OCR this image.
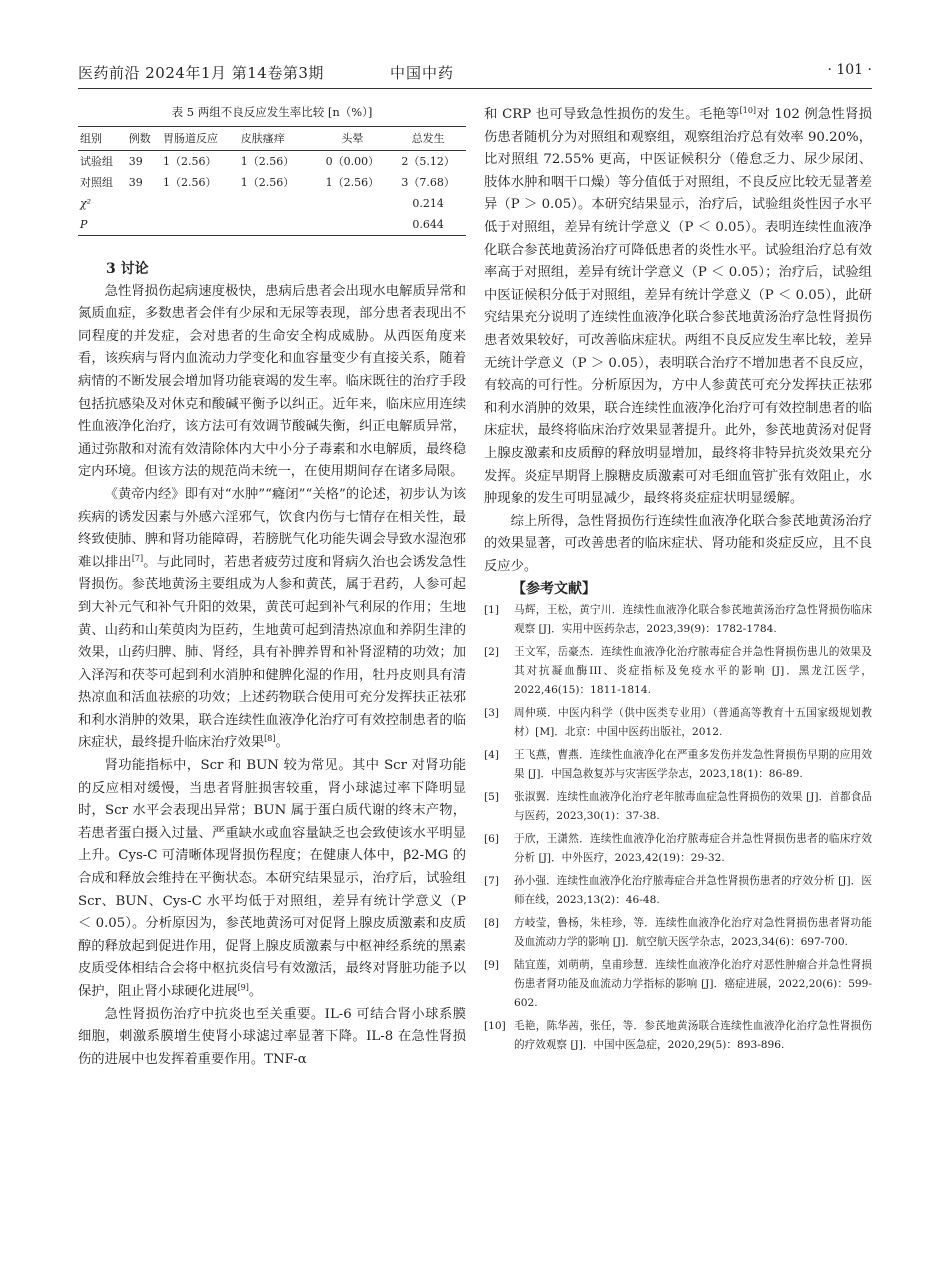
医药前沿 2024年1月 第14卷第3期	中国中药	· 101 ·
表 5 两组不良反应发生率比较 [n（%）]
组别	例数	胃肠道反应	皮肤瘙痒	头晕	总发生
试验组	39	1（2.56）	1（2.56）	0（0.00）	2（5.12）
对照组	39	1（2.56）	1（2.56）	1（2.56）	3（7.68）
χ²					0.214
P					0.644

3 讨论

急性肾损伤起病速度极快，患病后患者会出现水电解质异常和氮质血症，多数患者会伴有少尿和无尿等表现，部分患者表现出不同程度的并发症，会对患者的生命安全构成威胁。从西医角度来看，该疾病与肾内血流动力学变化和血容量变少有直接关系，随着病情的不断发展会增加肾功能衰竭的发生率。临床既往的治疗手段包括抗感染及对休克和酸碱平衡予以纠正。近年来，临床应用连续性血液净化治疗，该方法可有效调节酸碱失衡，纠正电解质异常，通过弥散和对流有效清除体内大中小分子毒素和水电解质，最终稳定内环境。但该方法的规范尚未统一，在使用期间存在诸多局限。

《黄帝内经》即有对“水肿”“癃闭”“关格”的论述，初步认为该疾病的诱发因素与外感六淫邪气，饮食内伤与七情存在相关性，最终致使肺、脾和肾功能障碍，若膀胱气化功能失调会导致水湿泡邪难以排出[7]。与此同时，若患者疲劳过度和肾病久治也会诱发急性肾损伤。参芪地黄汤主要组成为人参和黄芪，属于君药，人参可起到大补元气和补气升阳的效果，黄芪可起到补气利尿的作用；生地黄、山药和山茱萸肉为臣药，生地黄可起到清热凉血和养阴生津的效果，山药归脾、肺、肾经，具有补脾养胃和补肾涩精的功效；加入泽泻和茯苓可起到利水消肿和健脾化湿的作用，牡丹皮则具有清热凉血和活血祛瘀的功效；上述药物联合使用可充分发挥扶正祛邪和利水消肿的效果，联合连续性血液净化治疗可有效控制患者的临床症状，最终提升临床治疗效果[8]。

肾功能指标中，Scr 和 BUN 较为常见。其中 Scr 对肾功能的反应相对缓慢，当患者肾脏损害较重，肾小球滤过率下降明显时，Scr 水平会表现出异常；BUN 属于蛋白质代谢的终末产物，若患者蛋白摄入过量、严重缺水或血容量缺乏也会致使该水平明显上升。Cys-C 可清晰体现肾损伤程度；在健康人体中，β2-MG 的合成和释放会维持在平衡状态。本研究结果显示，治疗后，试验组 Scr、BUN、Cys-C 水平均低于对照组，差异有统计学意义（P ＜ 0.05）。分析原因为，参芪地黄汤可对促肾上腺皮质激素和皮质醇的释放起到促进作用，促肾上腺皮质激素与中枢神经系统的黑素皮质受体相结合会将中枢抗炎信号有效激活，最终对肾脏功能予以保护，阻止肾小球硬化进展[9]。

急性肾损伤治疗中抗炎也至关重要。IL-6 可结合肾小球系膜细胞，刺激系膜增生使肾小球滤过率显著下降。IL-8 在急性肾损伤的进展中也发挥着重要作用。TNF-α

和 CRP 也可导致急性损伤的发生。毛艳等[10]对 102 例急性肾损伤患者随机分为对照组和观察组，观察组治疗总有效率 90.20%，比对照组 72.55% 更高，中医证候积分（倦怠乏力、尿少尿闭、肢体水肿和咽干口燥）等分值低于对照组，不良反应比较无显著差异（P ＞ 0.05）。本研究结果显示，治疗后，试验组炎性因子水平低于对照组，差异有统计学意义（P ＜ 0.05）。表明连续性血液净化联合参芪地黄汤治疗可降低患者的炎性水平。试验组治疗总有效率高于对照组，差异有统计学意义（P ＜ 0.05）；治疗后，试验组中医证候积分低于对照组，差异有统计学意义（P ＜ 0.05），此研究结果充分说明了连续性血液净化联合参芪地黄汤治疗急性肾损伤患者效果较好，可改善临床症状。两组不良反应发生率比较，差异无统计学意义（P ＞ 0.05），表明联合治疗不增加患者不良反应，有较高的可行性。分析原因为，方中人参黄芪可充分发挥扶正祛邪和利水消肿的效果，联合连续性血液净化治疗可有效控制患者的临床症状，最终将临床治疗效果显著提升。此外，参芪地黄汤对促肾上腺皮激素和皮质醇的释放明显增加，最终将非特异抗炎效果充分发挥。炎症早期肾上腺糖皮质激素可对毛细血管扩张有效阻止，水肿现象的发生可明显减少，最终将炎症症状明显缓解。

综上所得，急性肾损伤行连续性血液净化联合参芪地黄汤治疗的效果显著，可改善患者的临床症状、肾功能和炎症反应，且不良反应少。

【参考文献】

[1]	马辉，王松，黄宁川．连续性血液净化联合参芪地黄汤治疗急性肾损伤临床观察 [J]．实用中医药杂志，2023,39(9)：1782-1784.
[2]	王文军，岳豪杰．连续性血液净化治疗脓毒症合并急性肾损伤患儿的效果及其对抗凝血酶III、炎症指标及免疫水平的影响 [J]．黑龙江医学，2022,46(15)：1811-1814.
[3]	周仲瑛．中医内科学（供中医类专业用）（普通高等教育十五国家级规划教材）[M]．北京：中国中医药出版社，2012.
[4]	王飞燕，曹燕．连续性血液净化在严重多发伤并发急性肾损伤早期的应用效果 [J]．中国急救复苏与灾害医学杂志，2023,18(1)：86-89.
[5]	张淑翼．连续性血液净化治疗老年脓毒血症急性肾损伤的效果 [J]．首都食品与医药，2023,30(1)：37-38.
[6]	于欣，王潇然．连续性血液净化治疗脓毒症合并急性肾损伤患者的临床疗效分析 [J]．中外医疗，2023,42(19)：29-32.
[7]	孙小强．连续性血液净化治疗脓毒症合并急性肾损伤患者的疗效分析 [J]．医师在线，2023,13(2)：46-48.
[8]	方岐莹，鲁杨，朱桂珍，等．连续性血液净化治疗对急性肾损伤患者肾功能及血流动力学的影响 [J]．航空航天医学杂志，2023,34(6)：697-700.
[9]	陆宜莲，刘萌萌，皇甫珍慧．连续性血液净化治疗对恶性肿瘤合并急性肾损伤患者肾功能及血流动力学指标的影响 [J]．癌症进展，2022,20(6)：599-602.
[10] 毛艳，陈华茜，张任，等．参芪地黄汤联合连续性血液净化治疗急性肾损伤的疗效观察 [J]．中国中医急症，2020,29(5)：893-896.
